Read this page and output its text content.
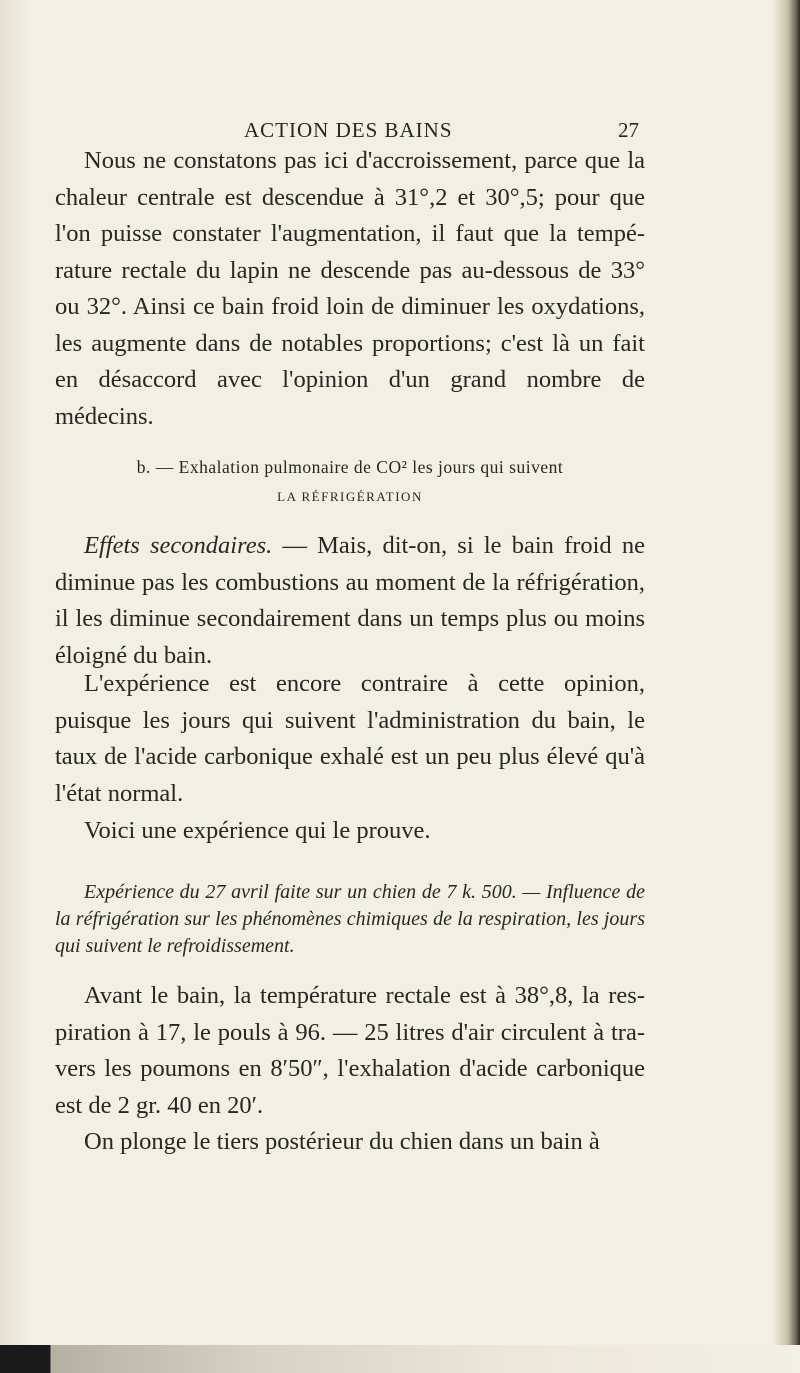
ACTION DES BAINS	27
Nous ne constatons pas ici d'accroissement, parce que la chaleur centrale est descendue à 31°,2 et 30°,5; pour que l'on puisse constater l'augmentation, il faut que la température rectale du lapin ne descende pas au-dessous de 33° ou 32°. Ainsi ce bain froid loin de diminuer les oxydations, les augmente dans de notables proportions; c'est là un fait en désaccord avec l'opinion d'un grand nombre de médecins.
b. — Exhalation pulmonaire de CO² les jours qui suivent
LA RÉFRIGÉRATION
Effets secondaires. — Mais, dit-on, si le bain froid ne diminue pas les combustions au moment de la réfrigération, il les diminue secondairement dans un temps plus ou moins éloigné du bain.
L'expérience est encore contraire à cette opinion, puisque les jours qui suivent l'administration du bain, le taux de l'acide carbonique exhalé est un peu plus élevé qu'à l'état normal.
Voici une expérience qui le prouve.
Expérience du 27 avril faite sur un chien de 7 k. 500. — Influence de la réfrigération sur les phénomènes chimiques de la respiration, les jours qui suivent le refroidissement.
Avant le bain, la température rectale est à 38°,8, la respiration à 17, le pouls à 96. — 25 litres d'air circulent à travers les poumons en 8′50″, l'exhalation d'acide carbonique est de 2 gr. 40 en 20′.
On plonge le tiers postérieur du chien dans un bain à
